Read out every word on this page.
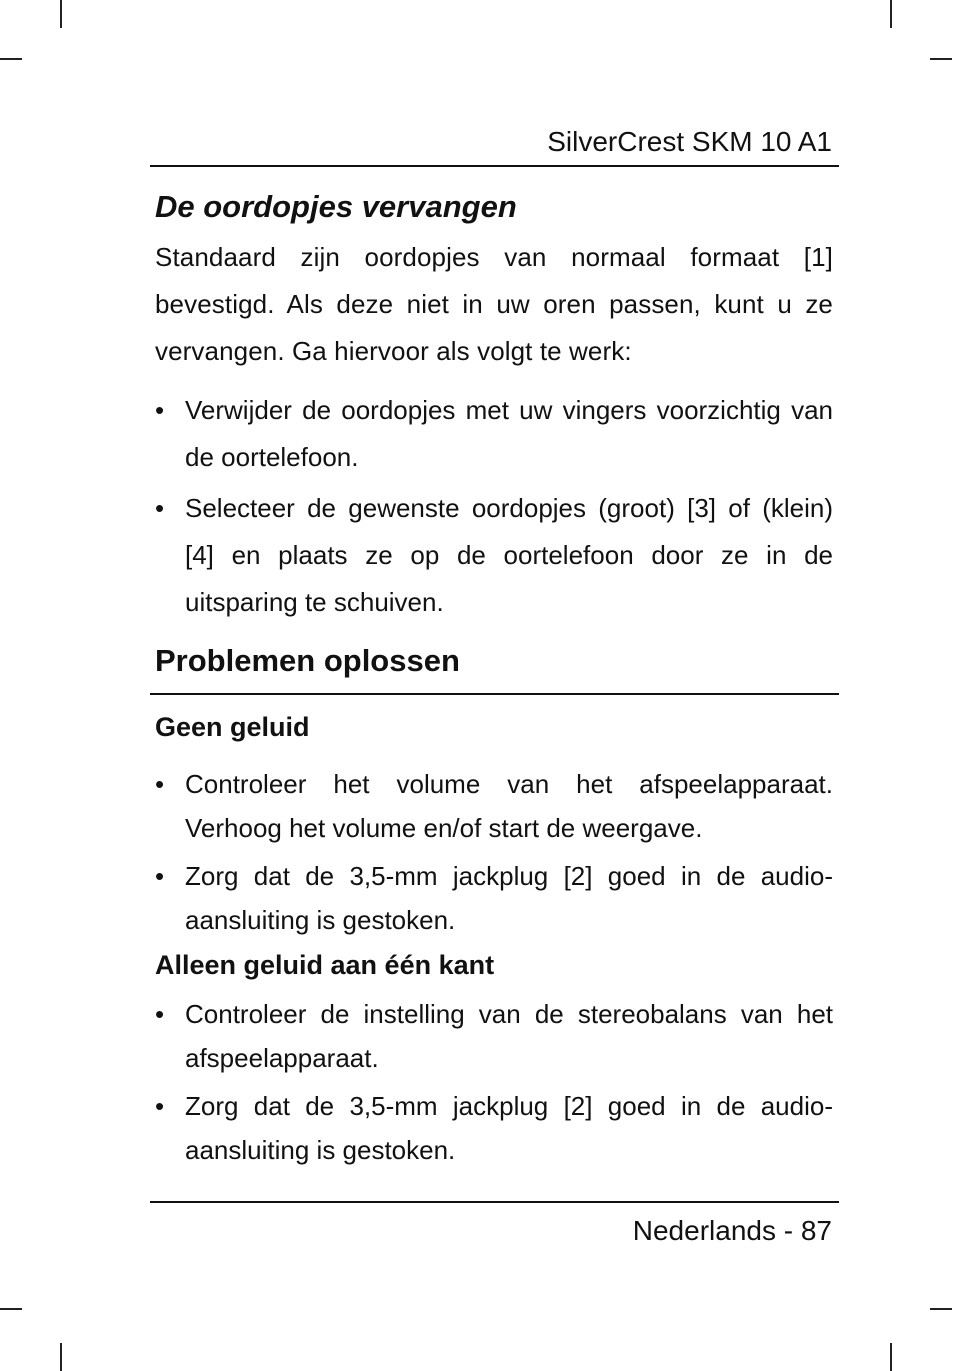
SilverCrest SKM 10 A1
De oordopjes vervangen

Standaard zijn oordopjes van normaal formaat [1] bevestigd. Als deze niet in uw oren passen, kunt u ze vervangen. Ga hiervoor als volgt te werk:

• Verwijder de oordopjes met uw vingers voorzichtig van de oortelefoon.
• Selecteer de gewenste oordopjes (groot) [3] of (klein) [4] en plaats ze op de oortelefoon door ze in de uitsparing te schuiven.
Problemen oplossen
Geen geluid
• Controleer het volume van het afspeelapparaat. Verhoog het volume en/of start de weergave.
• Zorg dat de 3,5-mm jackplug [2] goed in de audio-aansluiting is gestoken.
Alleen geluid aan één kant
• Controleer de instelling van de stereobalans van het afspeelapparaat.
• Zorg dat de 3,5-mm jackplug [2] goed in de audio-aansluiting is gestoken.
Nederlands - 87
